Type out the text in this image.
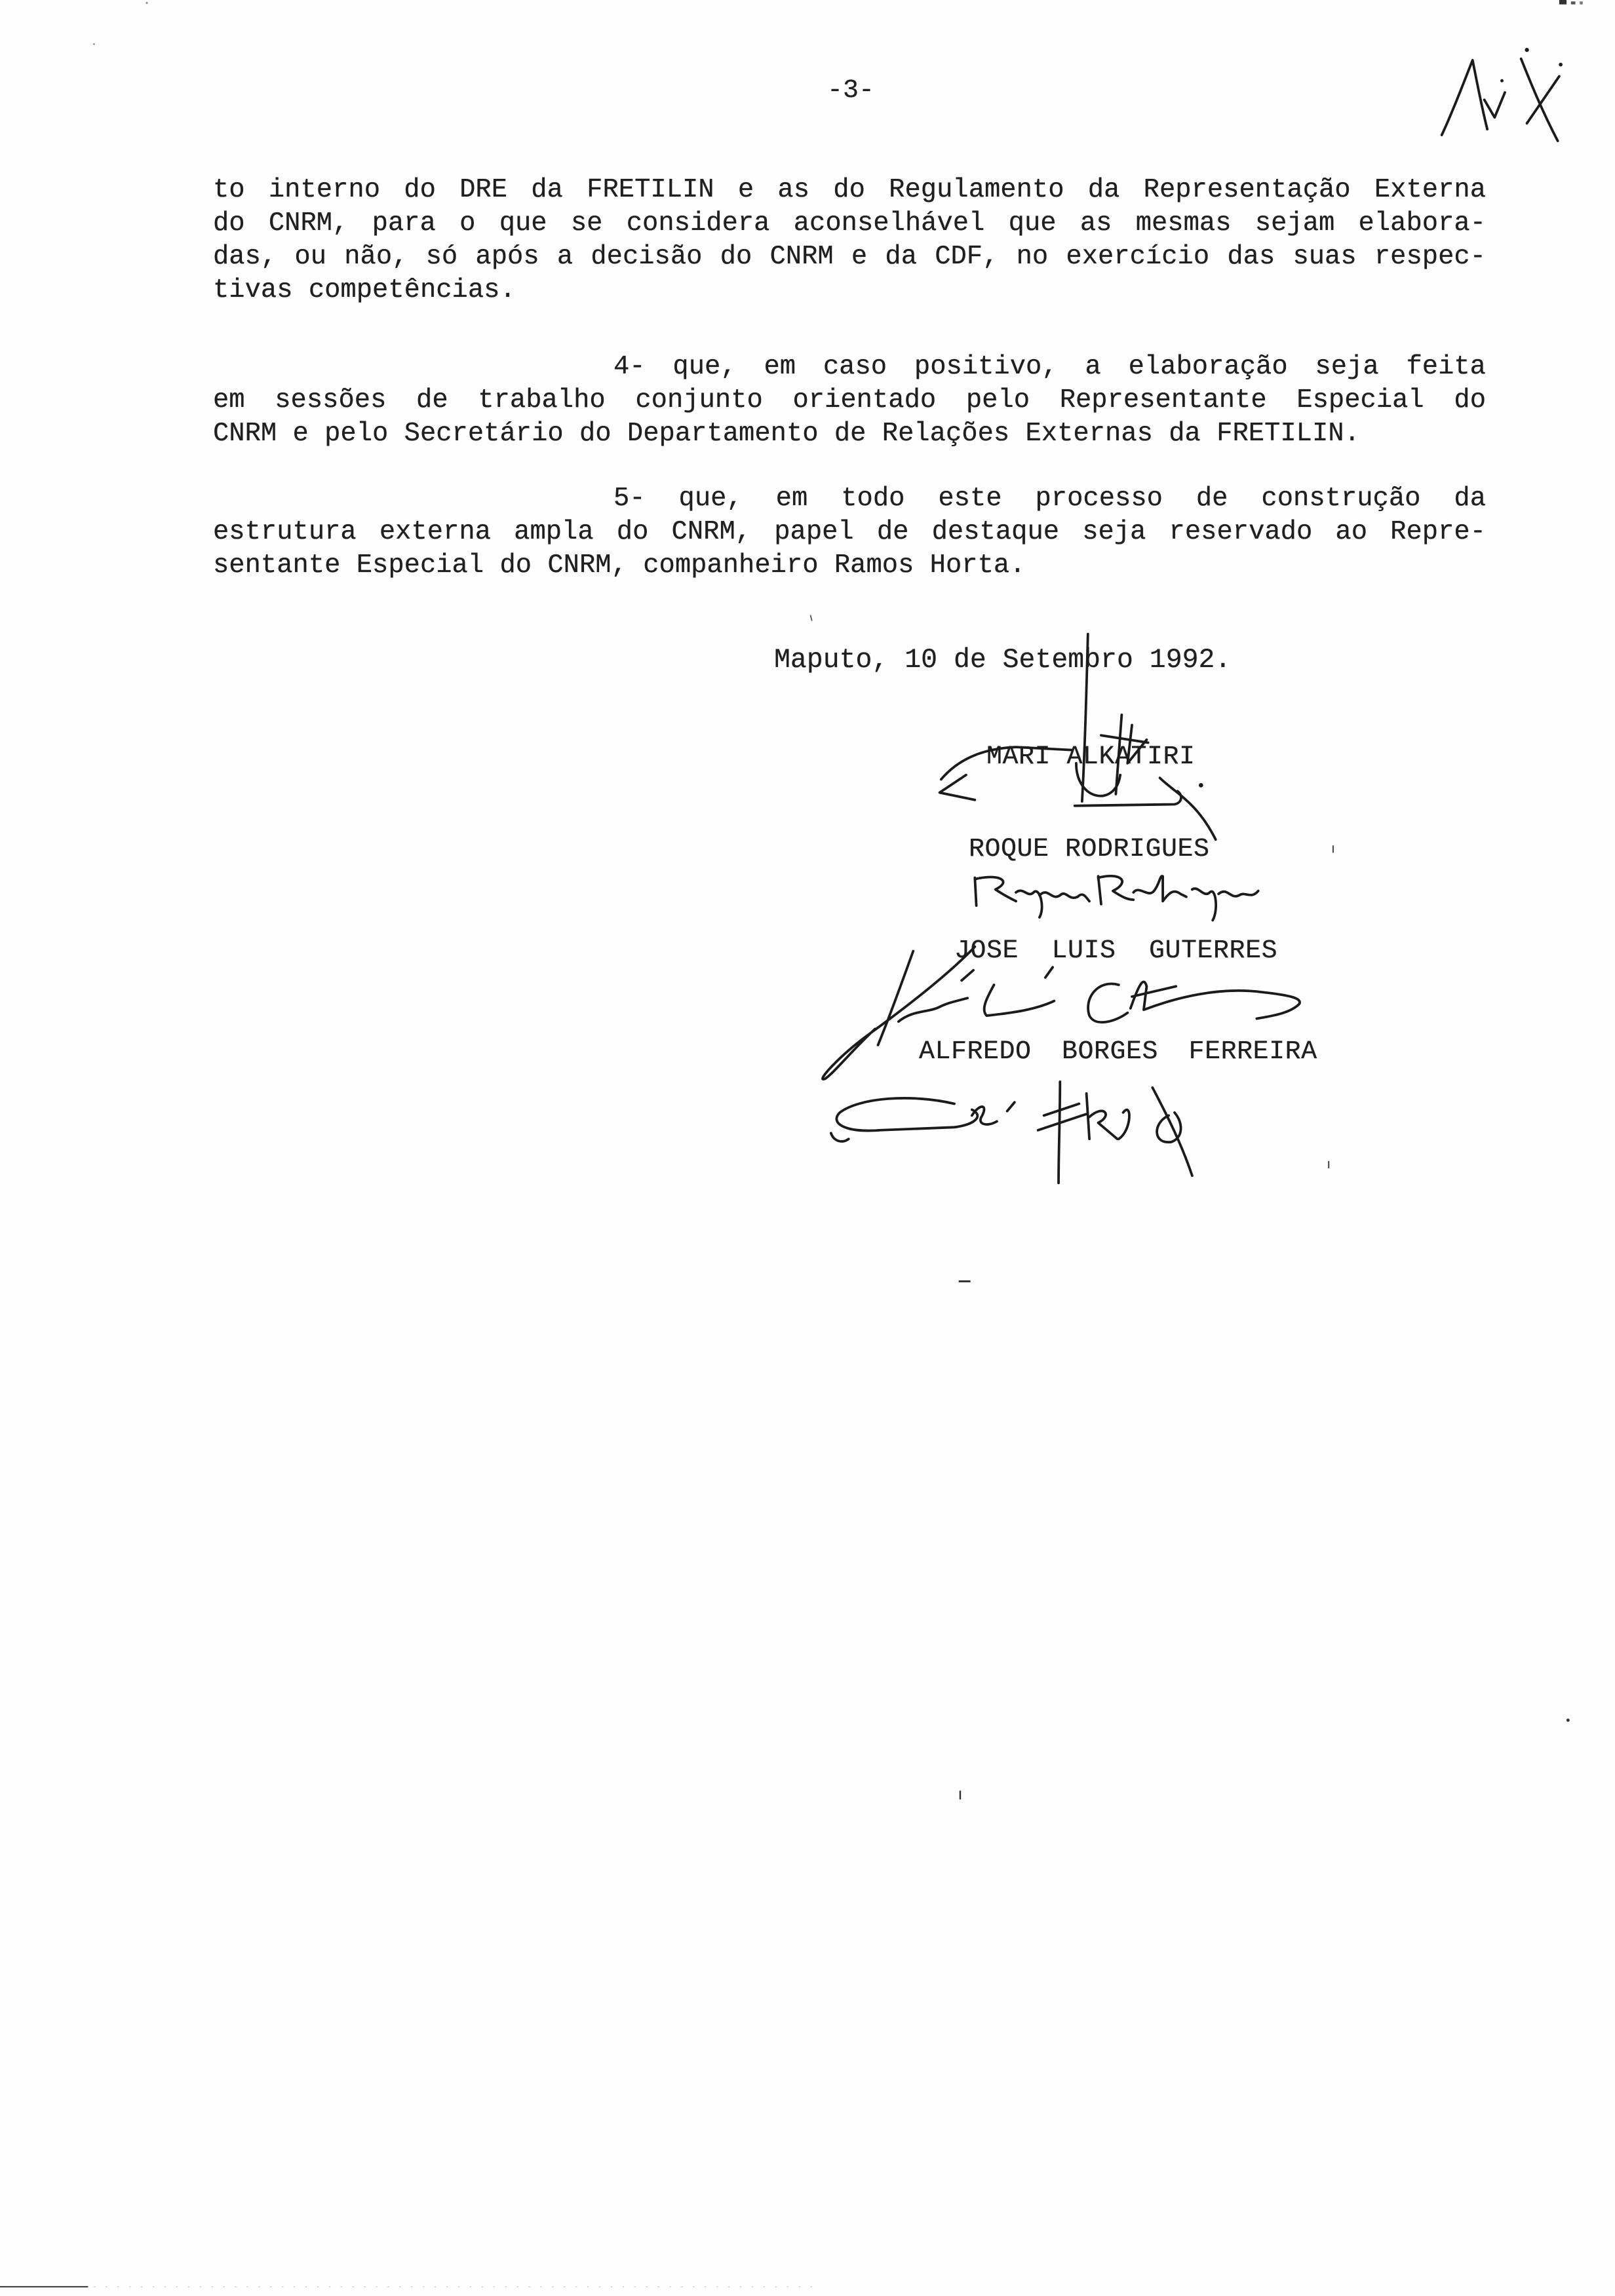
-3-
to interno do DRE da FRETILIN e as do Regulamento da Representação Externa
do CNRM, para o que se considera aconselhável que as mesmas sejam elabora-
das, ou não, só após a decisão do CNRM e da CDF, no exercício das suas respec-
tivas competências.
4- que, em caso positivo, a elaboração seja feita
em sessões de trabalho conjunto orientado pelo Representante Especial do
CNRM e pelo Secretário do Departamento de Relações Externas da FRETILIN.
5- que, em todo este processo de construção da
estrutura externa ampla do CNRM, papel de destaque seja reservado ao Repre-
sentante Especial do CNRM, companheiro Ramos Horta.
Maputo, 10 de Setembro 1992.
MARI ALKATIRI
ROQUE RODRIGUES
JOSE LUIS GUTERRES
ALFREDO BORGES FERREIRA
